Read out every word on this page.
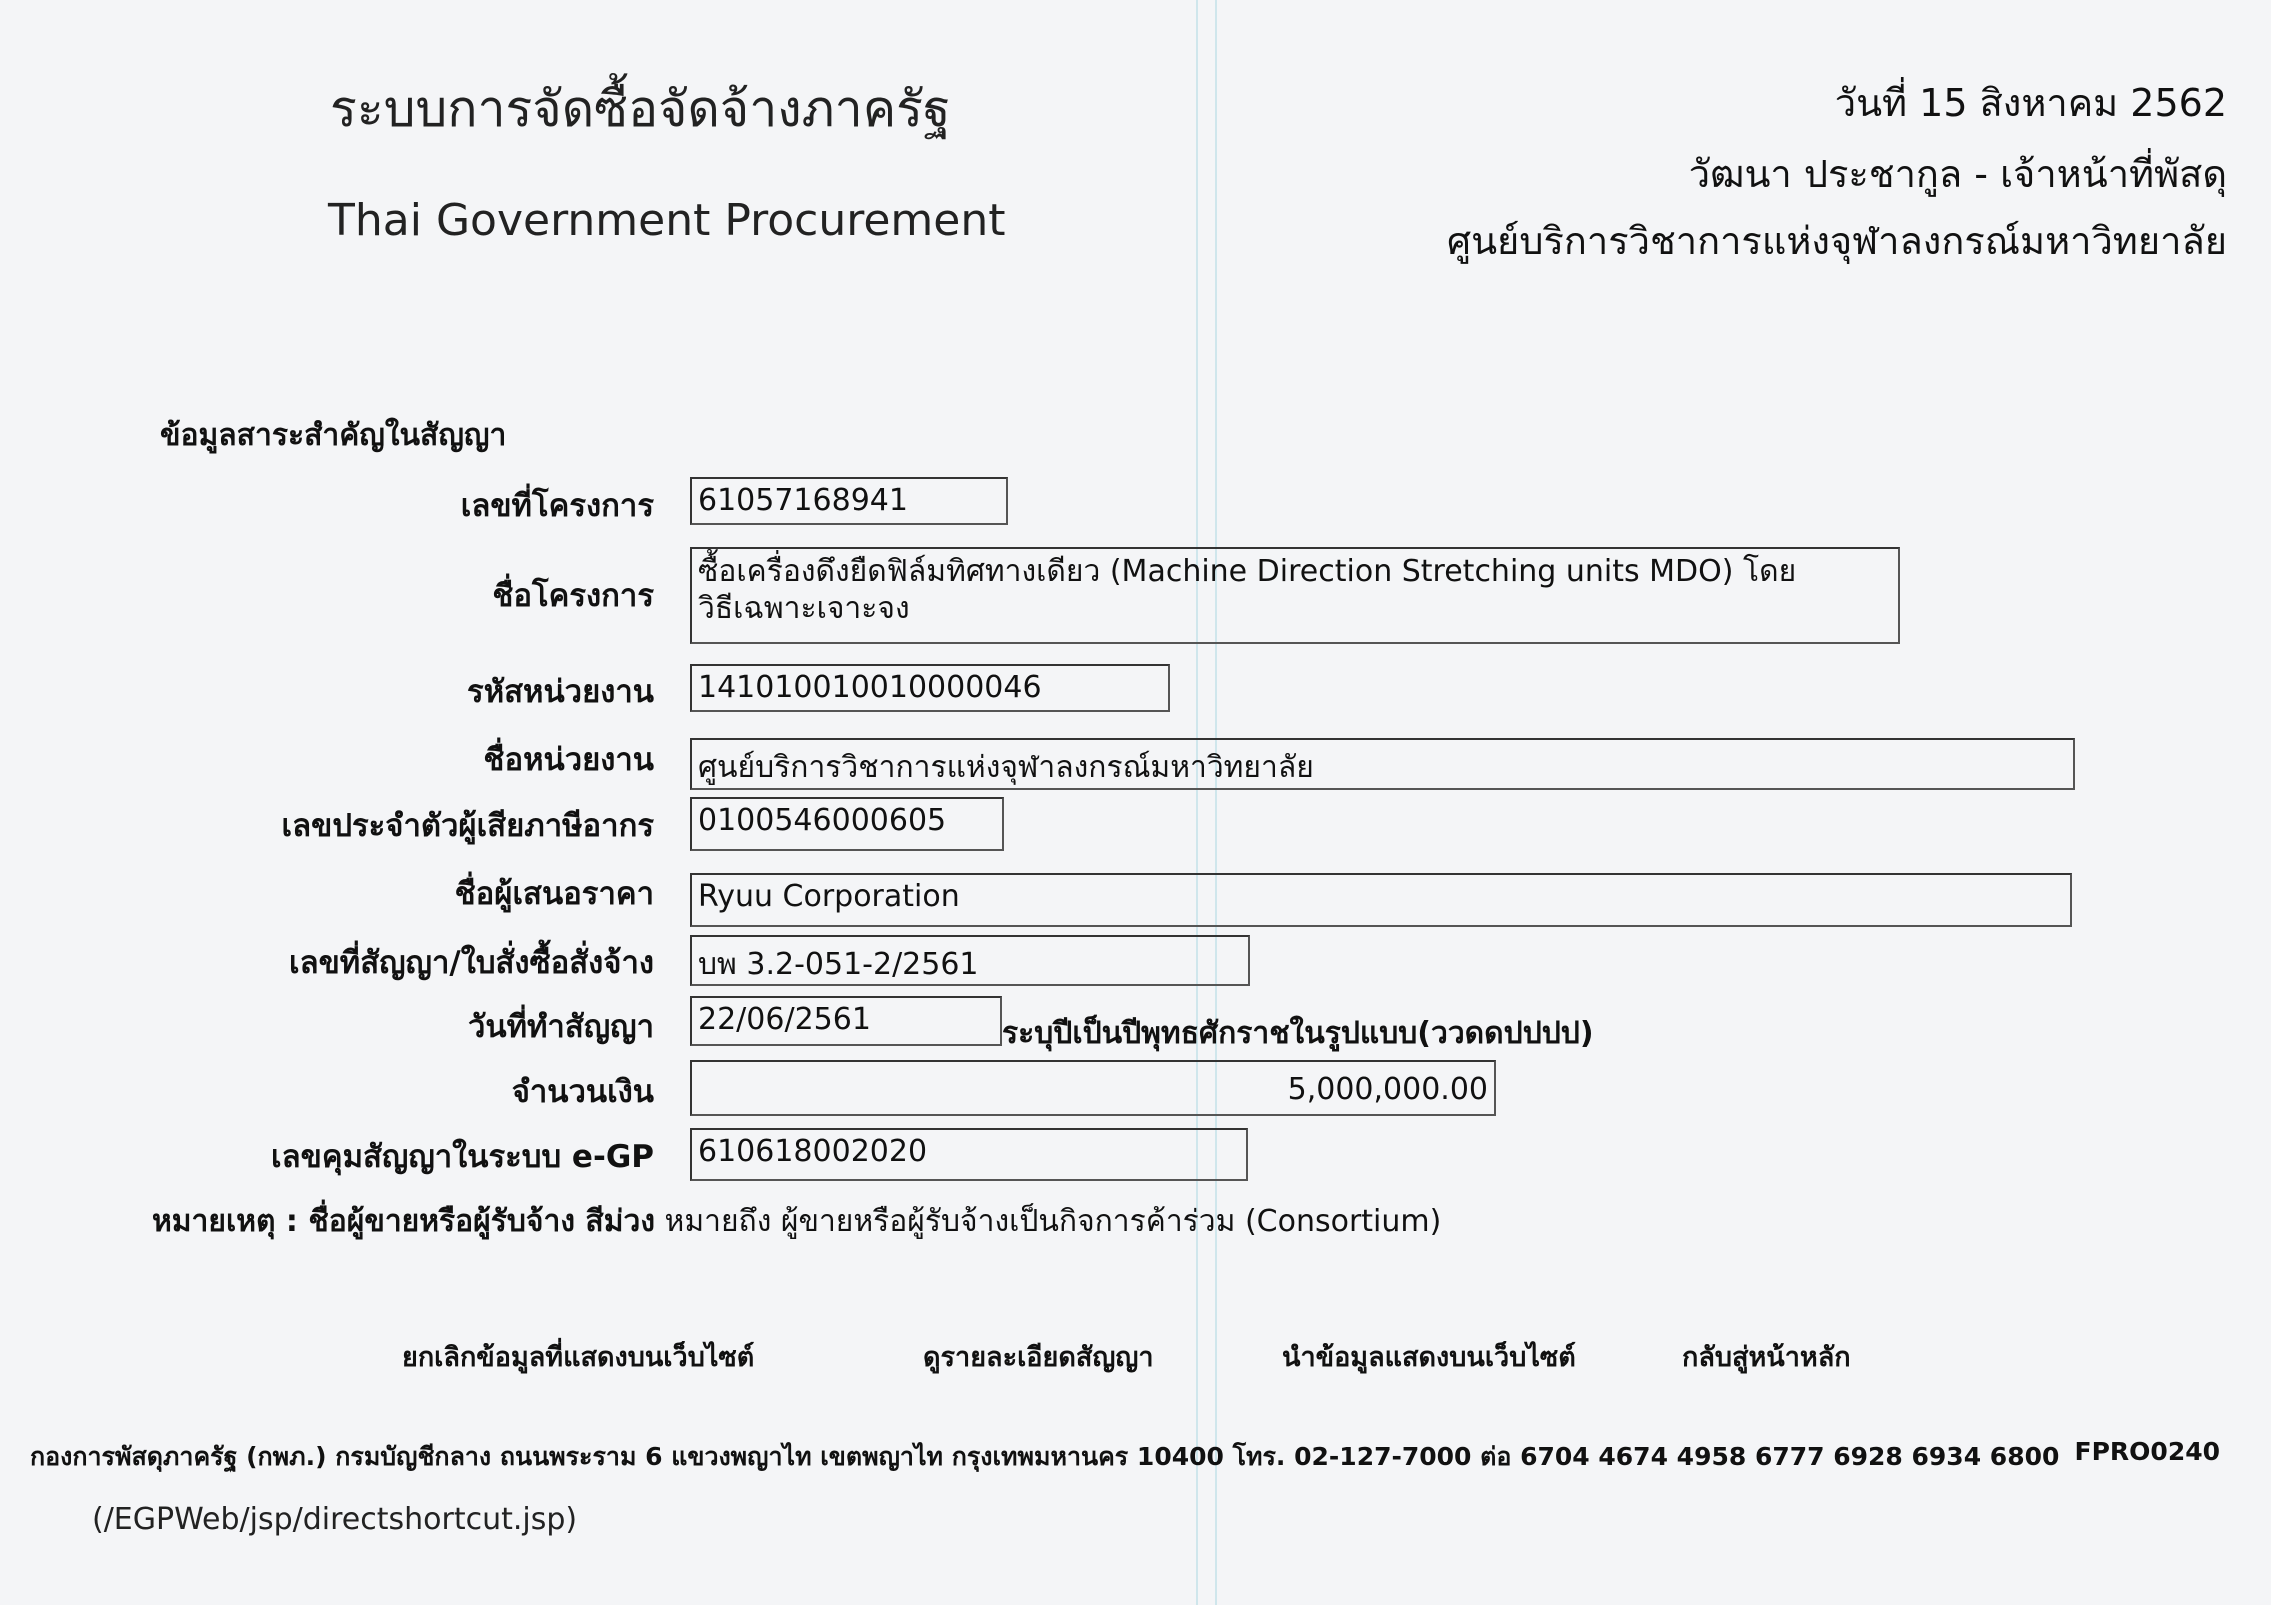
ระบบการจัดซื้อจัดจ้างภาครัฐ
Thai Government Procurement
วันที่ 15 สิงหาคม 2562
วัฒนา ประชากูล - เจ้าหน้าที่พัสดุ
ศูนย์บริการวิชาการแห่งจุฬาลงกรณ์มหาวิทยาลัย
ข้อมูลสาระสำคัญในสัญญา
เลขที่โครงการ 61057168941
ชื่อโครงการ
ซื้อเครื่องดึงยืดฟิล์มทิศทางเดียว (Machine Direction Stretching units MDO) โดยวิธีเฉพาะเจาะจง
รหัสหน่วยงาน 141010010010000046
ชื่อหน่วยงาน ศูนย์บริการวิชาการแห่งจุฬาลงกรณ์มหาวิทยาลัย
เลขประจำตัวผู้เสียภาษีอากร 0100546000605
ชื่อผู้เสนอราคา Ryuu Corporation
เลขที่สัญญา/ใบสั่งซื้อสั่งจ้าง บพ 3.2-051-2/2561
วันที่ทำสัญญา 22/06/2561	ระบุปีเป็นปีพุทธศักราชในรูปแบบ(ววดดปปปป)
จำนวนเงิน	5,000,000.00
เลขคุมสัญญาในระบบ e-GP 610618002020
หมายเหตุ : ชื่อผู้ขายหรือผู้รับจ้าง สีม่วง หมายถึง ผู้ขายหรือผู้รับจ้างเป็นกิจการค้าร่วม (Consortium)
ยกเลิกข้อมูลที่แสดงบนเว็บไซต์	ดูรายละเอียดสัญญา	นำข้อมูลแสดงบนเว็บไซต์	กลับสู่หน้าหลัก
กองการพัสดุภาครัฐ (กพภ.) กรมบัญชีกลาง ถนนพระราม 6 แขวงพญาไท เขตพญาไท กรุงเทพมหานคร 10400 โทร. 02-127-7000 ต่อ 6704 4674 4958 6777 6928 6934 6800 FPRO0240
(/EGPWeb/jsp/directshortcut.jsp)
